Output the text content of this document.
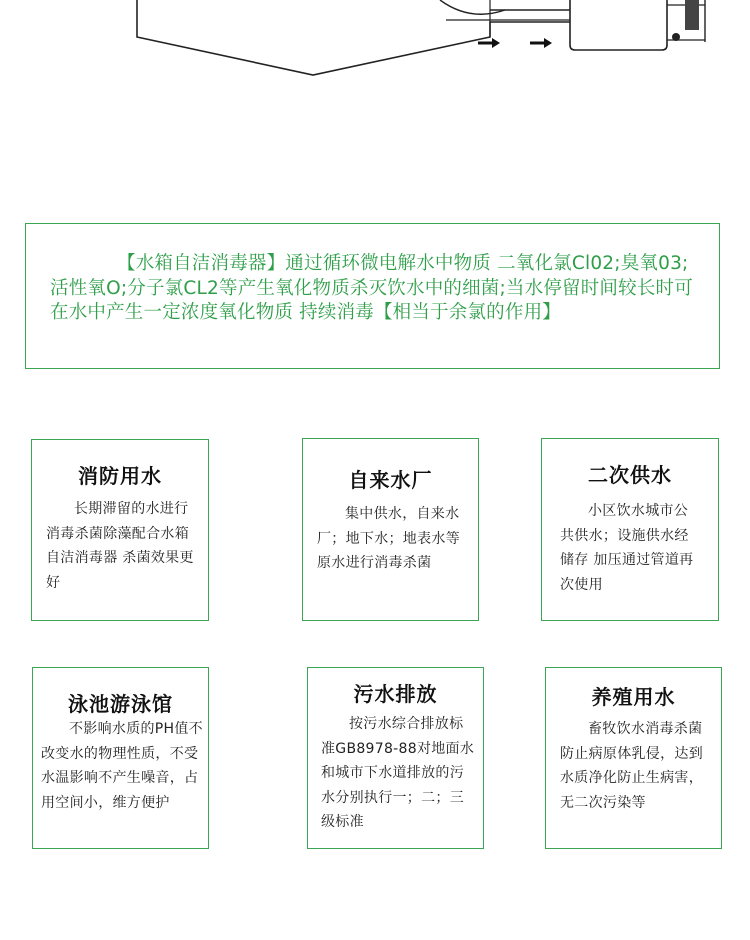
【水箱自洁消毒器】通过循环微电解水中物质 二氧化氯Cl02;臭氧03;活性氧O;分子氯CL2等产生氧化物质杀灭饮水中的细菌;当水停留时间较长时可在水中产生一定浓度氧化物质 持续消毒【相当于余氯的作用】

消防用水

长期滞留的水进行消毒杀菌除藻配合水箱自洁消毒器 杀菌效果更好

自来水厂

集中供水，自来水厂；地下水；地表水等原水进行消毒杀菌

二次供水

小区饮水城市公共供水；设施供水经储存 加压通过管道再次使用

泳池游泳馆

不影响水质的PH值不改变水的物理性质，不受水温影响不产生噪音，占用空间小，维方便护

污水排放

按污水综合排放标准GB8978-88对地面水和城市下水道排放的污水分别执行一；二；三级标准

养殖用水

畜牧饮水消毒杀菌防止病原体乳侵，达到水质净化防止生病害，无二次污染等
